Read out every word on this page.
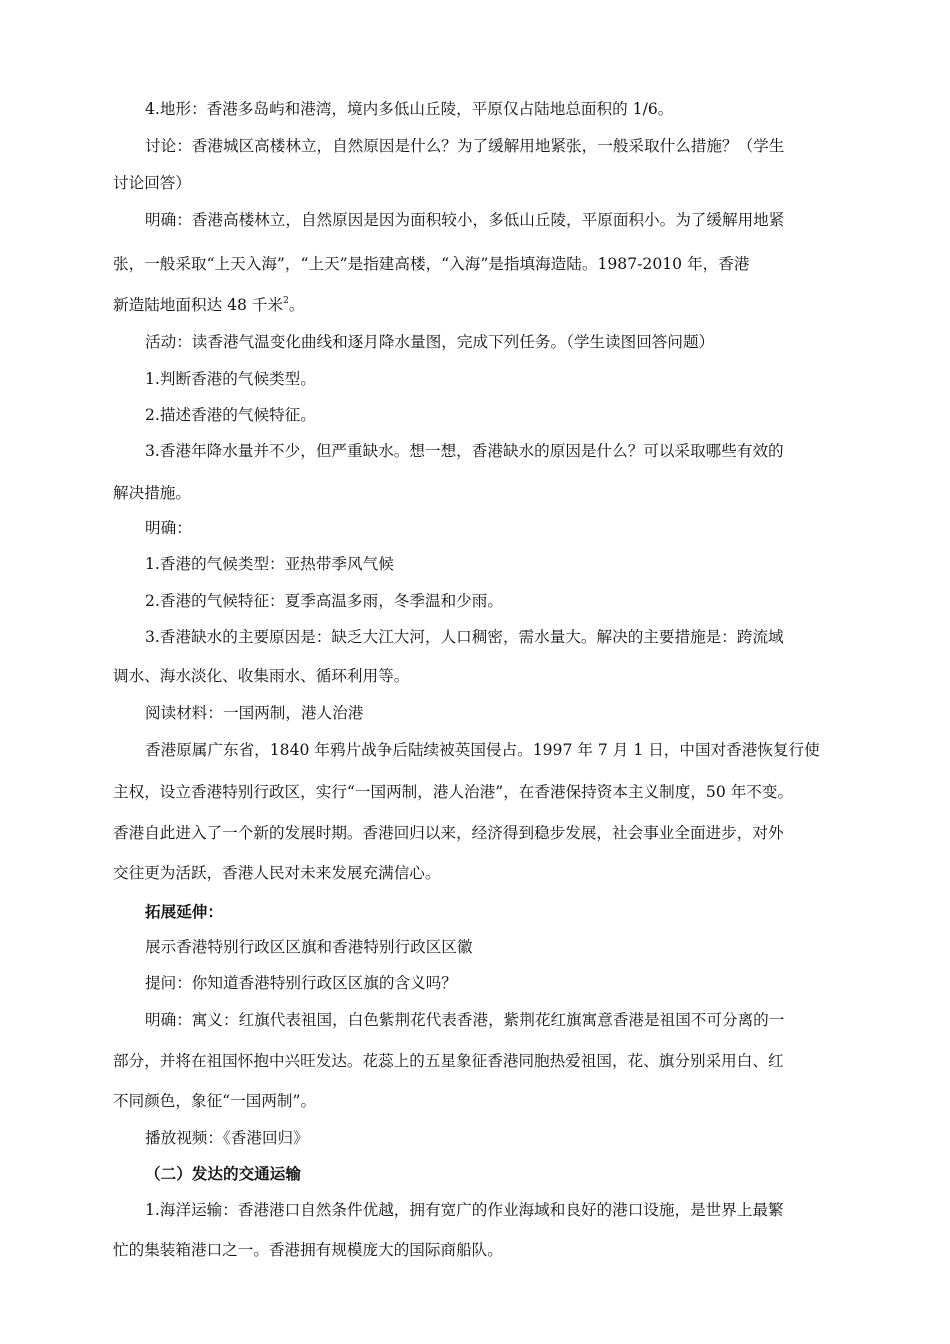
4.地形：香港多岛屿和港湾，境内多低山丘陵，平原仅占陆地总面积的 1/6。
讨论：香港城区高楼林立，自然原因是什么？为了缓解用地紧张，一般采取什么措施？（学生
讨论回答）
明确：香港高楼林立，自然原因是因为面积较小，多低山丘陵，平原面积小。为了缓解用地紧
张，一般采取“上天入海”，“上天”是指建高楼，“入海”是指填海造陆。1987-2010 年，香港
新造陆地面积达 48 千米$^2$。
活动：读香港气温变化曲线和逐月降水量图，完成下列任务。（学生读图回答问题）
1.判断香港的气候类型。
2.描述香港的气候特征。
3.香港年降水量并不少，但严重缺水。想一想，香港缺水的原因是什么？可以采取哪些有效的
解决措施。
明确：
1.香港的气候类型：亚热带季风气候
2.香港的气候特征：夏季高温多雨，冬季温和少雨。
3.香港缺水的主要原因是：缺乏大江大河，人口稠密，需水量大。解决的主要措施是：跨流域
调水、海水淡化、收集雨水、循环利用等。
阅读材料：一国两制，港人治港
香港原属广东省，1840 年鸦片战争后陆续被英国侵占。1997 年 7 月 1 日，中国对香港恢复行使
主权，设立香港特别行政区，实行“一国两制，港人治港”，在香港保持资本主义制度，50 年不变。
香港自此进入了一个新的发展时期。香港回归以来，经济得到稳步发展，社会事业全面进步，对外
交往更为活跃，香港人民对未来发展充满信心。
拓展延伸：
展示香港特别行政区区旗和香港特别行政区区徽
提问：你知道香港特别行政区区旗的含义吗？
明确：寓义：红旗代表祖国，白色紫荆花代表香港，紫荆花红旗寓意香港是祖国不可分离的一
部分，并将在祖国怀抱中兴旺发达。花蕊上的五星象征香港同胞热爱祖国，花、旗分别采用白、红
不同颜色，象征“一国两制”。
播放视频：《香港回归》
（二）发达的交通运输
1.海洋运输：香港港口自然条件优越，拥有宽广的作业海域和良好的港口设施，是世界上最繁
忙的集装箱港口之一。香港拥有规模庞大的国际商船队。
